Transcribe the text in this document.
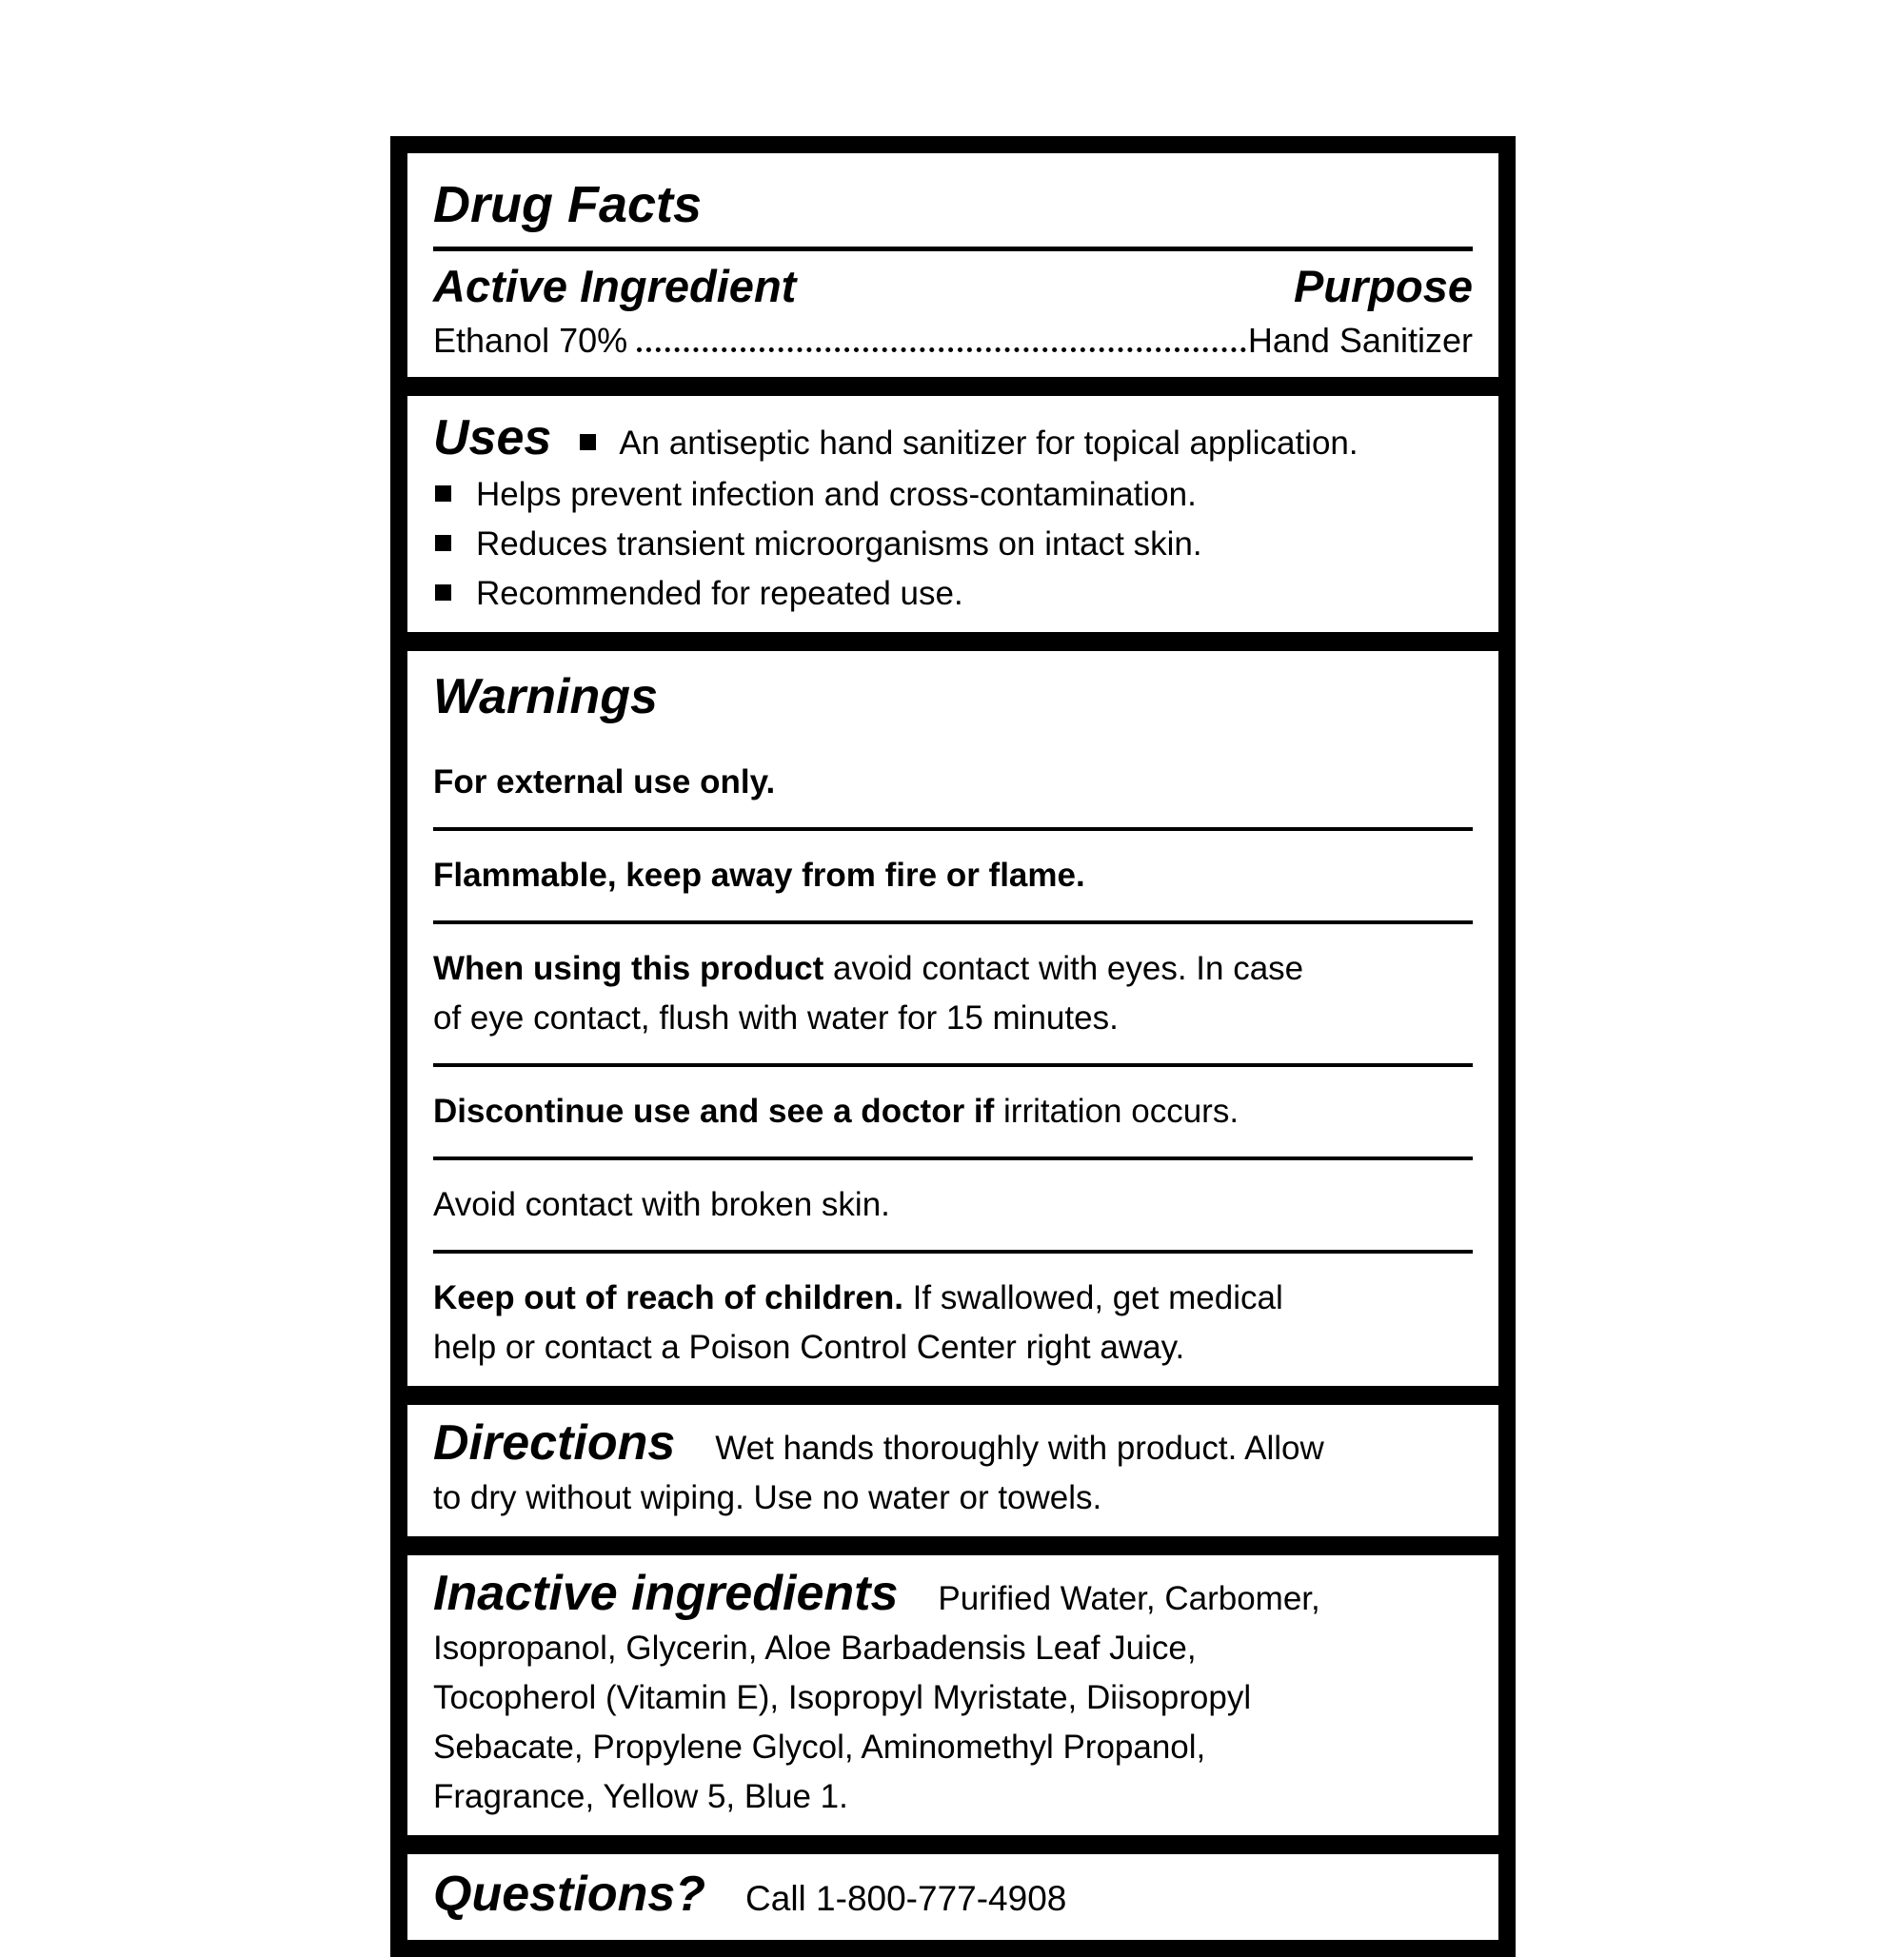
Drug Facts
Active Ingredient	Purpose
Ethanol 70%	Hand Sanitizer

Uses An antiseptic hand sanitizer for topical application.

Helps prevent infection and cross-contamination.

Reduces transient microorganisms on intact skin.

Recommended for repeated use.

Warnings

For external use only.

Flammable, keep away from fire or flame.

When using this product avoid contact with eyes. In case
of eye contact, flush with water for 15 minutes.

Discontinue use and see a doctor if irritation occurs.

Avoid contact with broken skin.

Keep out of reach of children. If swallowed, get medical
help or contact a Poison Control Center right away.

Directions Wet hands thoroughly with product. Allow
to dry without wiping. Use no water or towels.

Inactive ingredients Purified Water, Carbomer,
Isopropanol, Glycerin, Aloe Barbadensis Leaf Juice,
Tocopherol (Vitamin E), Isopropyl Myristate, Diisopropyl
Sebacate, Propylene Glycol, Aminomethyl Propanol,
Fragrance, Yellow 5, Blue 1.

Questions? Call 1-800-777-4908
